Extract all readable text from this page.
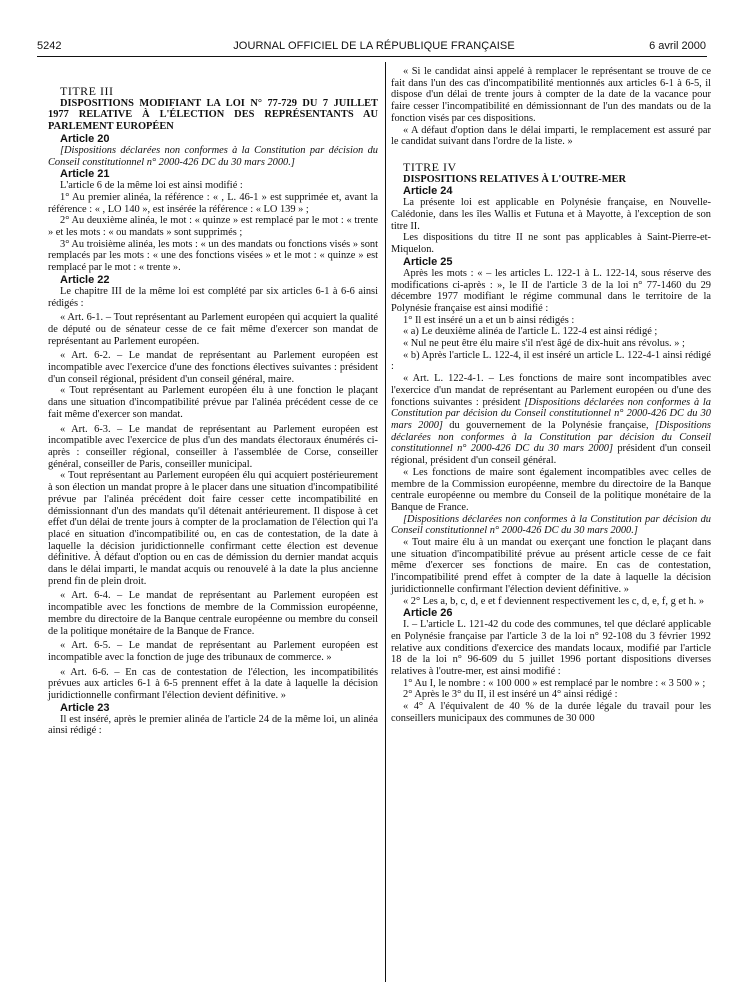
5242	JOURNAL OFFICIEL DE LA RÉPUBLIQUE FRANÇAISE	6 avril 2000

TITRE III

DISPOSITIONS MODIFIANT LA LOI N° 77-729 DU 7 JUILLET 1977 RELATIVE À L'ÉLECTION DES REPRÉSENTANTS AU PARLEMENT EUROPÉEN

Article 20

[Dispositions déclarées non conformes à la Constitution par décision du Conseil constitutionnel n° 2000-426 DC du 30 mars 2000.]

Article 21

L'article 6 de la même loi est ainsi modifié :

1° Au premier alinéa, la référence : « , L. 46-1 » est supprimée et, avant la référence : « , LO 140 », est insérée la référence : « LO 139 » ;

2° Au deuxième alinéa, le mot : « quinze » est remplacé par le mot : « trente » et les mots : « ou mandats » sont supprimés ;

3° Au troisième alinéa, les mots : « un des mandats ou fonctions visés » sont remplacés par les mots : « une des fonctions visées » et le mot : « quinze » est remplacé par le mot : « trente ».

Article 22

Le chapitre III de la même loi est complété par six articles 6-1 à 6-6 ainsi rédigés :

« Art. 6-1. – Tout représentant au Parlement européen qui acquiert la qualité de député ou de sénateur cesse de ce fait même d'exercer son mandat de représentant au Parlement européen.

« Art. 6-2. – Le mandat de représentant au Parlement européen est incompatible avec l'exercice d'une des fonctions électives suivantes : président d'un conseil régional, président d'un conseil général, maire.

« Tout représentant au Parlement européen élu à une fonction le plaçant dans une situation d'incompatibilité prévue par l'alinéa précédent cesse de ce fait même d'exercer son mandat.

« Art. 6-3. – Le mandat de représentant au Parlement européen est incompatible avec l'exercice de plus d'un des mandats électoraux énumérés ci-après : conseiller régional, conseiller à l'assemblée de Corse, conseiller général, conseiller de Paris, conseiller municipal.

« Tout représentant au Parlement européen élu qui acquiert postérieurement à son élection un mandat propre à le placer dans une situation d'incompatibilité prévue par l'alinéa précédent doit faire cesser cette incompatibilité en démissionnant d'un des mandats qu'il détenait antérieurement. Il dispose à cet effet d'un délai de trente jours à compter de la proclamation de l'élection qui l'a placé en situation d'incompatibilité ou, en cas de contestation, de la date à laquelle la décision juridictionnelle confirmant cette élection est devenue définitive. À défaut d'option ou en cas de démission du dernier mandat acquis dans le délai imparti, le mandat acquis ou renouvelé à la date la plus ancienne prend fin de plein droit.

« Art. 6-4. – Le mandat de représentant au Parlement européen est incompatible avec les fonctions de membre de la Commission européenne, membre du directoire de la Banque centrale européenne ou membre du conseil de la politique monétaire de la Banque de France.

« Art. 6-5. – Le mandat de représentant au Parlement européen est incompatible avec la fonction de juge des tribunaux de commerce. »

« Art. 6-6. – En cas de contestation de l'élection, les incompatibilités prévues aux articles 6-1 à 6-5 prennent effet à la date à laquelle la décision juridictionnelle confirmant l'élection devient définitive. »

Article 23

Il est inséré, après le premier alinéa de l'article 24 de la même loi, un alinéa ainsi rédigé :

« Si le candidat ainsi appelé à remplacer le représentant se trouve de ce fait dans l'un des cas d'incompatibilité mentionnés aux articles 6-1 à 6-5, il dispose d'un délai de trente jours à compter de la date de la vacance pour faire cesser l'incompatibilité en démissionnant de l'un des mandats ou de la fonction visés par ces dispositions.

« A défaut d'option dans le délai imparti, le remplacement est assuré par le candidat suivant dans l'ordre de la liste. »

TITRE IV

DISPOSITIONS RELATIVES À L'OUTRE-MER

Article 24

La présente loi est applicable en Polynésie française, en Nouvelle-Calédonie, dans les îles Wallis et Futuna et à Mayotte, à l'exception de son titre II.

Les dispositions du titre II ne sont pas applicables à Saint-Pierre-et-Miquelon.

Article 25

Après les mots : « – les articles L. 122-1 à L. 122-14, sous réserve des modifications ci-après : », le II de l'article 3 de la loi n° 77-1460 du 29 décembre 1977 modifiant le régime communal dans le territoire de la Polynésie française est ainsi modifié :

1° Il est inséré un a et un b ainsi rédigés :

« a) Le deuxième alinéa de l'article L. 122-4 est ainsi rédigé ;

« Nul ne peut être élu maire s'il n'est âgé de dix-huit ans révolus. » ;

« b) Après l'article L. 122-4, il est inséré un article L. 122-4-1 ainsi rédigé :

« Art. L. 122-4-1. – Les fonctions de maire sont incompatibles avec l'exercice d'un mandat de représentant au Parlement européen ou d'une des fonctions suivantes : président [Dispositions déclarées non conformes à la Constitution par décision du Conseil constitutionnel n° 2000-426 DC du 30 mars 2000] du gouvernement de la Polynésie française, [Dispositions déclarées non conformes à la Constitution par décision du Conseil constitutionnel n° 2000-426 DC du 30 mars 2000] président d'un conseil régional, président d'un conseil général.

« Les fonctions de maire sont également incompatibles avec celles de membre de la Commission européenne, membre du directoire de la Banque centrale européenne ou membre du Conseil de la politique monétaire de la Banque de France.

[Dispositions déclarées non conformes à la Constitution par décision du Conseil constitutionnel n° 2000-426 DC du 30 mars 2000.]

« Tout maire élu à un mandat ou exerçant une fonction le plaçant dans une situation d'incompatibilité prévue au présent article cesse de ce fait même d'exercer ses fonctions de maire. En cas de contestation, l'incompatibilité prend effet à compter de la date à laquelle la décision juridictionnelle confirmant l'élection devient définitive. »

« 2° Les a, b, c, d, e et f deviennent respectivement les c, d, e, f, g et h. »

Article 26

I. – L'article L. 121-42 du code des communes, tel que déclaré applicable en Polynésie française par l'article 3 de la loi n° 92-108 du 3 février 1992 relative aux conditions d'exercice des mandats locaux, modifié par l'article 18 de la loi n° 96-609 du 5 juillet 1996 portant dispositions diverses relatives à l'outre-mer, est ainsi modifié :

1° Au I, le nombre : « 100 000 » est remplacé par le nombre : « 3 500 » ;

2° Après le 3° du II, il est inséré un 4° ainsi rédigé :

« 4° A l'équivalent de 40 % de la durée légale du travail pour les conseillers municipaux des communes de 30 000
